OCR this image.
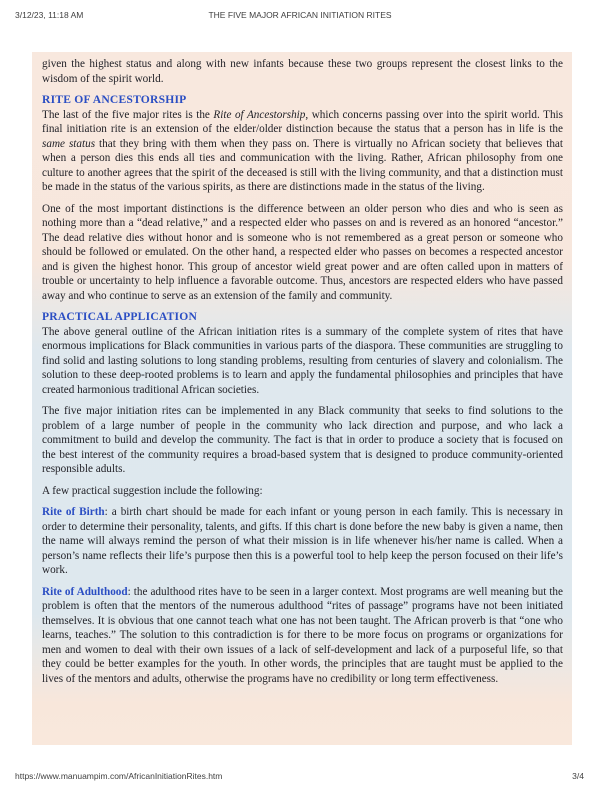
3/12/23, 11:18 AM	THE FIVE MAJOR AFRICAN INITIATION RITES

given the highest status and along with new infants because these two groups represent the closest links to the wisdom of the spirit world.

RITE OF ANCESTORSHIP

The last of the five major rites is the Rite of Ancestorship, which concerns passing over into the spirit world. This final initiation rite is an extension of the elder/older distinction because the status that a person has in life is the same status that they bring with them when they pass on. There is virtually no African society that believes that when a person dies this ends all ties and communication with the living. Rather, African philosophy from one culture to another agrees that the spirit of the deceased is still with the living community, and that a distinction must be made in the status of the various spirits, as there are distinctions made in the status of the living.

One of the most important distinctions is the difference between an older person who dies and who is seen as nothing more than a “dead relative,” and a respected elder who passes on and is revered as an honored “ancestor.” The dead relative dies without honor and is someone who is not remembered as a great person or someone who should be followed or emulated. On the other hand, a respected elder who passes on becomes a respected ancestor and is given the highest honor. This group of ancestor wield great power and are often called upon in matters of trouble or uncertainty to help influence a favorable outcome. Thus, ancestors are respected elders who have passed away and who continue to serve as an extension of the family and community.

PRACTICAL APPLICATION

The above general outline of the African initiation rites is a summary of the complete system of rites that have enormous implications for Black communities in various parts of the diaspora. These communities are struggling to find solid and lasting solutions to long standing problems, resulting from centuries of slavery and colonialism. The solution to these deep-rooted problems is to learn and apply the fundamental philosophies and principles that have created harmonious traditional African societies.

The five major initiation rites can be implemented in any Black community that seeks to find solutions to the problem of a large number of people in the community who lack direction and purpose, and who lack a commitment to build and develop the community. The fact is that in order to produce a society that is focused on the best interest of the community requires a broad-based system that is designed to produce community-oriented responsible adults.

A few practical suggestion include the following:

Rite of Birth: a birth chart should be made for each infant or young person in each family. This is necessary in order to determine their personality, talents, and gifts. If this chart is done before the new baby is given a name, then the name will always remind the person of what their mission is in life whenever his/her name is called. When a person’s name reflects their life’s purpose then this is a powerful tool to help keep the person focused on their life’s work.

Rite of Adulthood: the adulthood rites have to be seen in a larger context. Most programs are well meaning but the problem is often that the mentors of the numerous adulthood “rites of passage” programs have not been initiated themselves. It is obvious that one cannot teach what one has not been taught. The African proverb is that “one who learns, teaches.” The solution to this contradiction is for there to be more focus on programs or organizations for men and women to deal with their own issues of a lack of self-development and lack of a purposeful life, so that they could be better examples for the youth. In other words, the principles that are taught must be applied to the lives of the mentors and adults, otherwise the programs have no credibility or long term effectiveness.

https://www.manuampim.com/AfricanInitiationRites.htm	3/4
